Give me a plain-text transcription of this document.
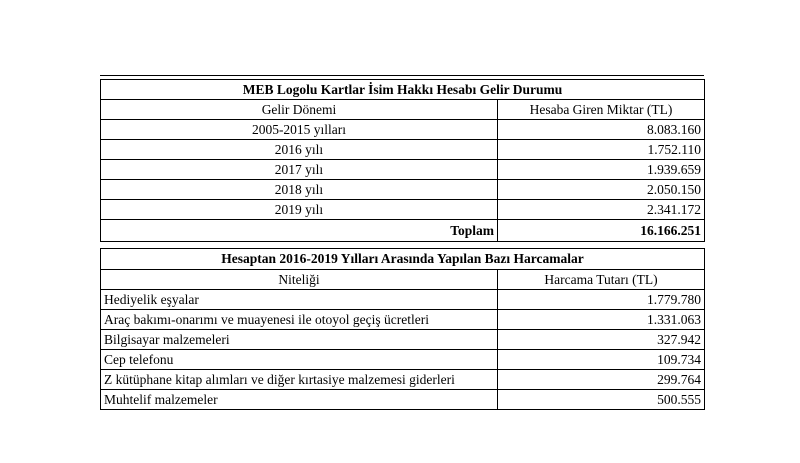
MEB Logolu Kartlar İsim Hakkı Hesabı Gelir Durumu	
Gelir Dönemi	Hesaba Giren Miktar (TL)
2005-2015 yılları	8.083.160
2016 yılı	1.752.110
2017 yılı	1.939.659
2018 yılı	2.050.150
2019 yılı	2.341.172
Toplam	16.166.251
Hesaptan 2016-2019 Yılları Arasında Yapılan Bazı Harcamalar	
Niteliği	Harcama Tutarı (TL)
Hediyelik eşyalar	1.779.780
Araç bakımı-onarımı ve muayenesi ile otoyol geçiş ücretleri	1.331.063
Bilgisayar malzemeleri	327.942
Cep telefonu	109.734
Z kütüphane kitap alımları ve diğer kırtasiye malzemesi giderleri	299.764
Muhtelif malzemeler	500.555
